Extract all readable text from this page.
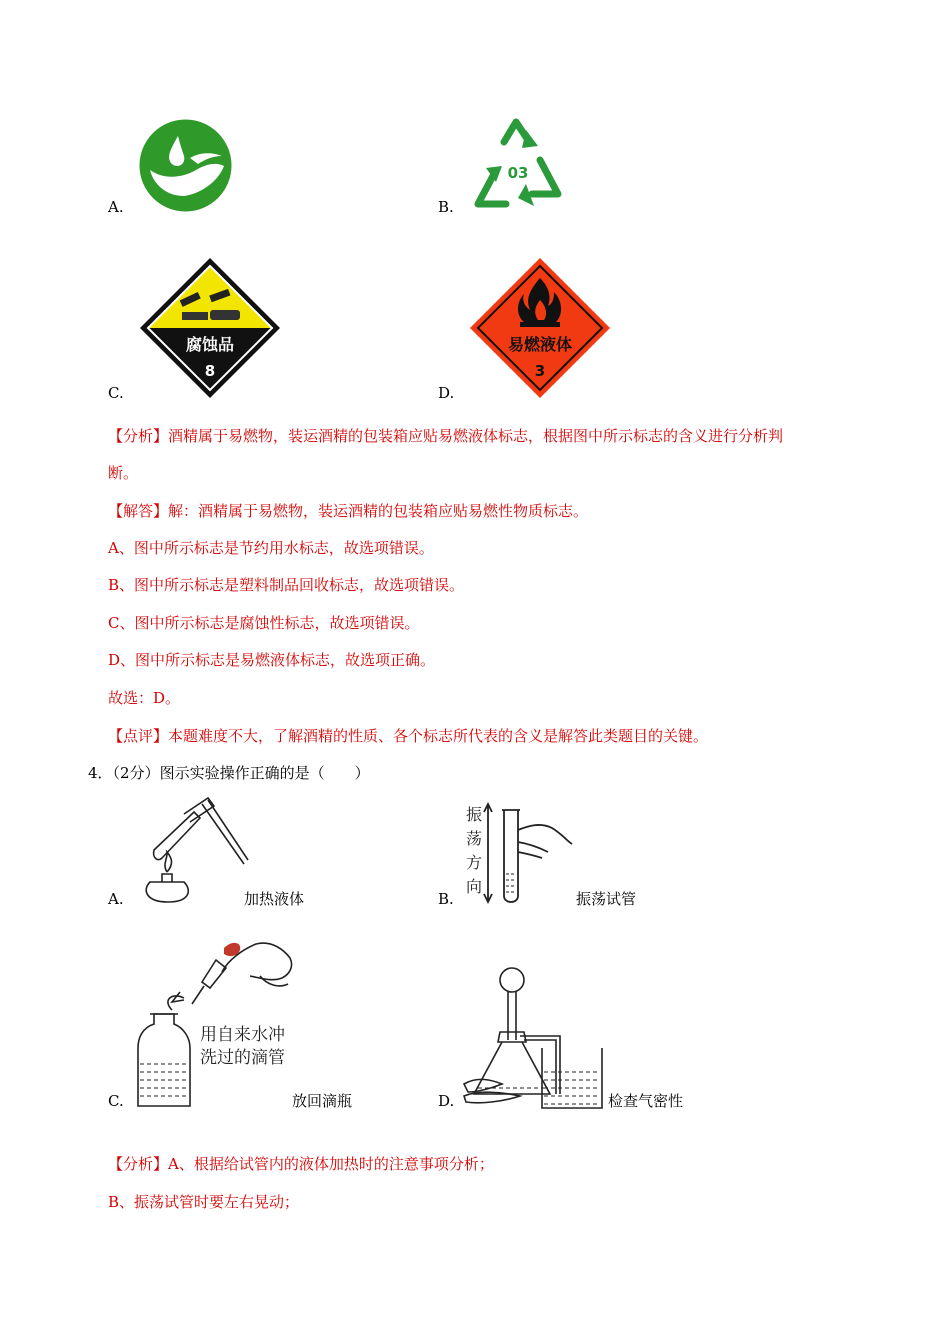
A.
03
B.
腐蚀品
8
C.
易燃液体
3
D.
【分析】酒精属于易燃物，装运酒精的包装箱应贴易燃液体标志，根据图中所示标志的含义进行分析判
断。
【解答】解：酒精属于易燃物，装运酒精的包装箱应贴易燃性物质标志。
A、图中所示标志是节约用水标志，故选项错误。
B、图中所示标志是塑料制品回收标志，故选项错误。
C、图中所示标志是腐蚀性标志，故选项错误。
D、图中所示标志是易燃液体标志，故选项正确。
故选：D。
【点评】本题难度不大，了解酒精的性质、各个标志所代表的含义是解答此类题目的关键。
4．（2分）图示实验操作正确的是（　　）
A.	加热液体
振
荡
方
向
B.	振荡试管
用自来水冲
洗过的滴管
C.	放回滴瓶	D.	检查气密性
【分析】A、根据给试管内的液体加热时的注意事项分析；
B、振荡试管时要左右晃动；
